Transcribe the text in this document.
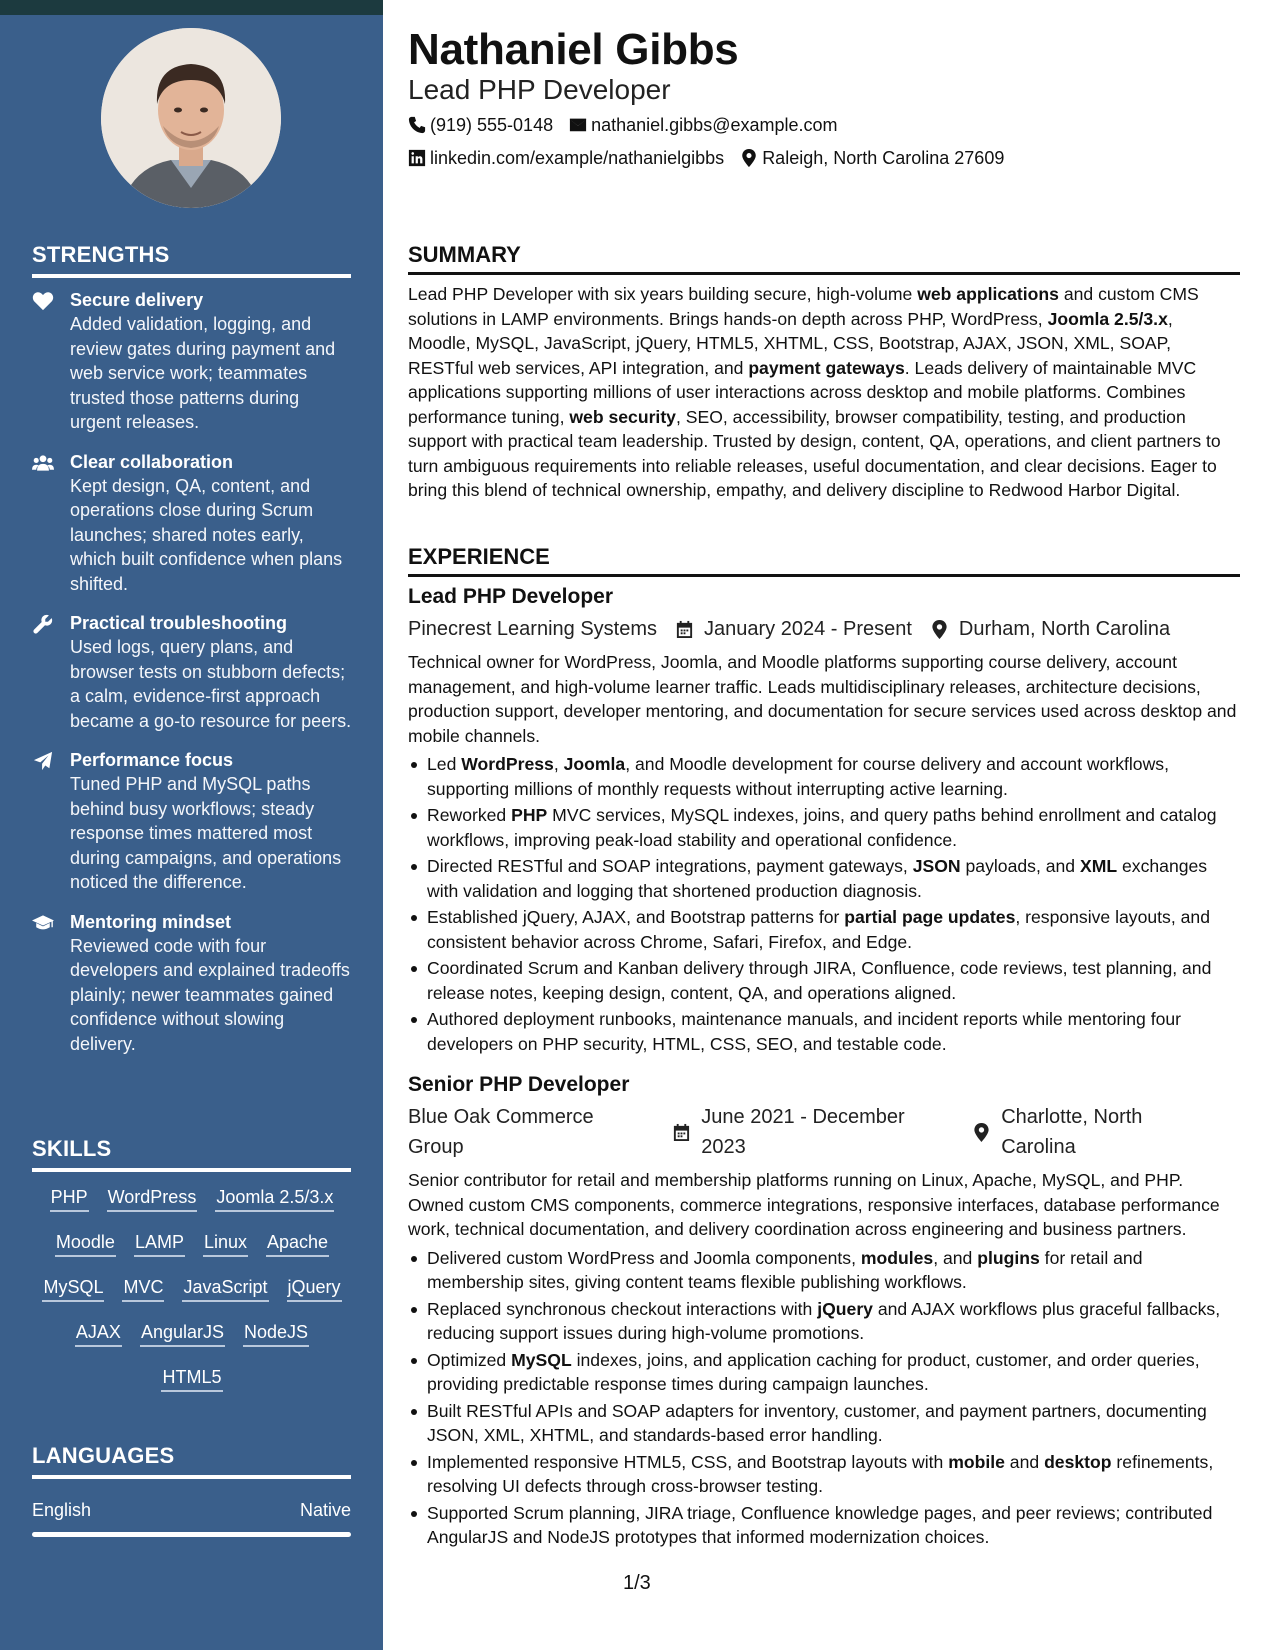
STRENGTHS
Secure delivery
Added validation, logging, and review gates during payment and web service work; teammates trusted those patterns during urgent releases.
Clear collaboration
Kept design, QA, content, and operations close during Scrum launches; shared notes early, which built confidence when plans shifted.
Practical troubleshooting
Used logs, query plans, and browser tests on stubborn defects; a calm, evidence-first approach became a go-to resource for peers.
Performance focus
Tuned PHP and MySQL paths behind busy workflows; steady response times mattered most during campaigns, and operations noticed the difference.
Mentoring mindset
Reviewed code with four developers and explained tradeoffs plainly; newer teammates gained confidence without slowing delivery.
SKILLS
PHP WordPress Joomla 2.5/3.x
Moodle LAMP Linux Apache
MySQL MVC JavaScript jQuery
AJAX AngularJS NodeJS
HTML5
LANGUAGES
English	Native
Nathaniel Gibbs
Lead PHP Developer
(919) 555-0148 nathaniel.gibbs@example.com
linkedin.com/example/nathanielgibbs Raleigh, North Carolina 27609
SUMMARY
Lead PHP Developer with six years building secure, high-volume web applications and custom CMS solutions in LAMP environments. Brings hands-on depth across PHP, WordPress, Joomla 2.5/3.x, Moodle, MySQL, JavaScript, jQuery, HTML5, XHTML, CSS, Bootstrap, AJAX, JSON, XML, SOAP, RESTful web services, API integration, and payment gateways. Leads delivery of maintainable MVC applications supporting millions of user interactions across desktop and mobile platforms. Combines performance tuning, web security, SEO, accessibility, browser compatibility, testing, and production support with practical team leadership. Trusted by design, content, QA, operations, and client partners to turn ambiguous requirements into reliable releases, useful documentation, and clear decisions. Eager to bring this blend of technical ownership, empathy, and delivery discipline to Redwood Harbor Digital.
EXPERIENCE
Lead PHP Developer
Pinecrest Learning Systems January 2024 - Present Durham, North Carolina
Technical owner for WordPress, Joomla, and Moodle platforms supporting course delivery, account management, and high-volume learner traffic. Leads multidisciplinary releases, architecture decisions, production support, developer mentoring, and documentation for secure services used across desktop and mobile channels.
Led WordPress, Joomla, and Moodle development for course delivery and account workflows, supporting millions of monthly requests without interrupting active learning.
Reworked PHP MVC services, MySQL indexes, joins, and query paths behind enrollment and catalog workflows, improving peak-load stability and operational confidence.
Directed RESTful and SOAP integrations, payment gateways, JSON payloads, and XML exchanges with validation and logging that shortened production diagnosis.
Established jQuery, AJAX, and Bootstrap patterns for partial page updates, responsive layouts, and consistent behavior across Chrome, Safari, Firefox, and Edge.
Coordinated Scrum and Kanban delivery through JIRA, Confluence, code reviews, test planning, and release notes, keeping design, content, QA, and operations aligned.
Authored deployment runbooks, maintenance manuals, and incident reports while mentoring four developers on PHP security, HTML, CSS, SEO, and testable code.
Senior PHP Developer
Blue Oak Commerce Group
June 2021 - December 2023
Charlotte, North Carolina
Senior contributor for retail and membership platforms running on Linux, Apache, MySQL, and PHP. Owned custom CMS components, commerce integrations, responsive interfaces, database performance work, technical documentation, and delivery coordination across engineering and business partners.
Delivered custom WordPress and Joomla components, modules, and plugins for retail and membership sites, giving content teams flexible publishing workflows.
Replaced synchronous checkout interactions with jQuery and AJAX workflows plus graceful fallbacks, reducing support issues during high-volume promotions.
Optimized MySQL indexes, joins, and application caching for product, customer, and order queries, providing predictable response times during campaign launches.
Built RESTful APIs and SOAP adapters for inventory, customer, and payment partners, documenting JSON, XML, XHTML, and standards-based error handling.
Implemented responsive HTML5, CSS, and Bootstrap layouts with mobile and desktop refinements, resolving UI defects through cross-browser testing.
Supported Scrum planning, JIRA triage, Confluence knowledge pages, and peer reviews; contributed AngularJS and NodeJS prototypes that informed modernization choices.
1/3
